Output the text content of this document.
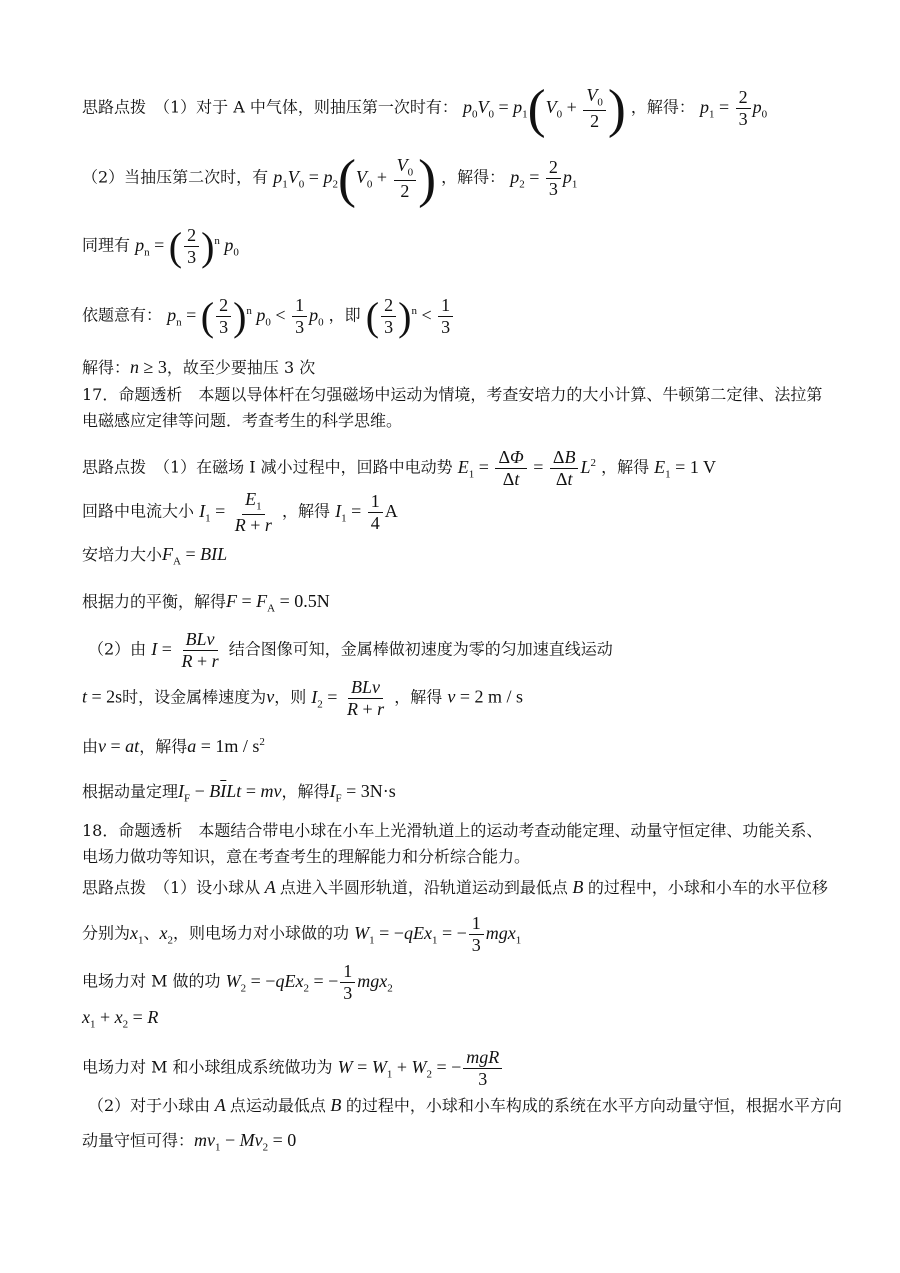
思路点拨　（1）对于 A 中气体，则抽压第一次时有： $p_0V_0 = p_1(V_0 + \frac{V_0}{2}$ ) ，解得： $p_1 = \frac{2}{3} p_0$
（2）当抽压第二次时，有 $p_1V_0 = p_2(V_0 + \frac{V_0}{2}$ ) ，解得： $p_2 = \frac{2}{3} p_1$
同理有 $p_n$ = ( $\frac{2}{3} )^n$ $p_0$
依题意有： $p_n$ = ( $\frac{2}{3} )^n$ $p_0 < \frac{1}{3} p_0$ ，即 ( $\frac{2}{3} )^n < \frac{1}{3}$
解得：n ≥ 3，故至少要抽压 3 次
17．命题透析　本题以导体杆在匀强磁场中运动为情境，考查安培力的大小计算、牛顿第二定律、法拉第
电磁感应定律等问题．考查考生的科学思维。
思路点拨　（1）在磁场 I 减小过程中，回路中电动势 $E_1 = \frac{\Delta\Phi}{\Delta t} = \frac{\Delta B}{\Delta t} L^2$ ，解得 $E_1 = 1$ V
回路中电流大小 $I_1 = \frac{E_1}{R + r}$ ，解得 $I_1 = \frac{1}{4}$ A
安培力大小$F_A$ = BIL
根据力的平衡，解得$F = F_A = 0.5N$
（2）由 $I = \frac{\text{BLv}}{R + r}$ 结合图像可知，金属棒做初速度为零的匀加速直线运动
t = 2s时，设金属棒速度为v，则 $I_2 = \frac{\text{BLv}}{R + r}$ ，解得 v = 2 m / s
由v = at，解得$a = 1m / s^2$
根据动量定理$I_F - B\overline{I}Lt$ = mv，解得$I_F = 3N\cdot s$
18．命题透析　本题结合带电小球在小车上光滑轨道上的运动考查动能定理、动量守恒定律、功能关系、
电场力做功等知识，意在考查考生的理解能力和分析综合能力。
思路点拨　（1）设小球从 A 点进入半圆形轨道，沿轨道运动到最低点 B 的过程中，小球和小车的水平位移
分别为$x_1$、$x_2$，则电场力对小球做的功 $W_1 = -qEx_1$ = − $\frac{1}{3} mgx_1$
电场力对 M 做的功 $W_2 = -qEx_2$ = − $\frac{1}{3} mgx_2$
$x_1 + x_2 = R$
电场力对 M 和小球组成系统做功为 $W = W_1 + W_2$ = − $\frac{\text{mgR}}{3}$
（2）对于小球由 A 点运动最低点 B 的过程中，小球和小车构成的系统在水平方向动量守恒，根据水平方向
动量守恒可得：$mv_1 - Mv_2 = 0$
